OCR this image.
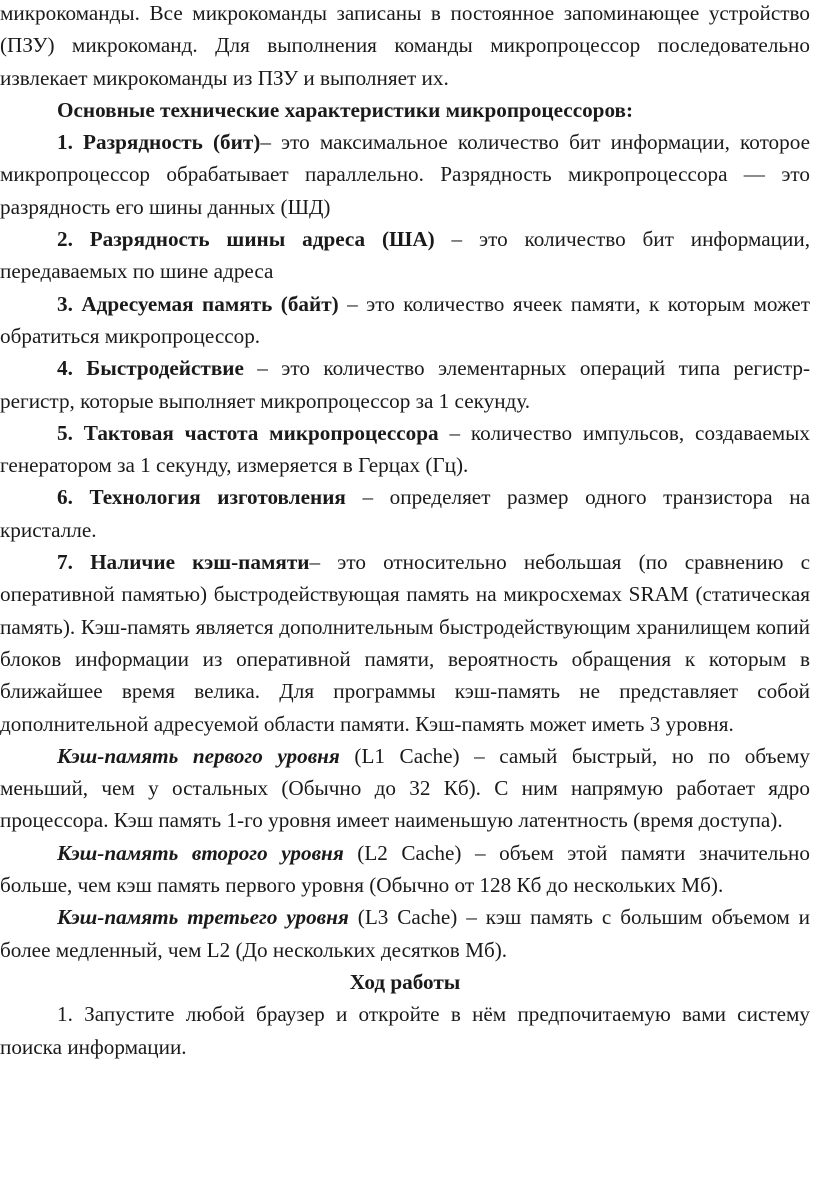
микрокоманды. Все микрокоманды записаны в постоянное запоминающее устройство (ПЗУ) микрокоманд. Для выполнения команды микропроцессор последовательно извлекает микрокоманды из ПЗУ и выполняет их.

Основные технические характеристики микропроцессоров:

1. Разрядность (бит)– это максимальное количество бит информации, которое микропроцессор обрабатывает параллельно. Разрядность микропроцессора — это разрядность его шины данных (ШД)

2. Разрядность шины адреса (ША) – это количество бит информации, передаваемых по шине адреса

3. Адресуемая память (байт) – это количество ячеек памяти, к которым может обратиться микропроцессор.

4. Быстродействие – это количество элементарных операций типа регистр-регистр, которые выполняет микропроцессор за 1 секунду.

5. Тактовая частота микропроцессора – количество импульсов, создаваемых генератором за 1 секунду, измеряется в Герцах (Гц).

6. Технология изготовления – определяет размер одного транзистора на кристалле.

7. Наличие кэш-памяти– это относительно небольшая (по сравнению с оперативной памятью) быстродействующая память на микросхемах SRAM (статическая память). Кэш-память является дополнительным быстродействующим хранилищем копий блоков информации из оперативной памяти, вероятность обращения к которым в ближайшее время велика. Для программы кэш-память не представляет собой дополнительной адресуемой области памяти. Кэш-память может иметь 3 уровня.

Кэш-память первого уровня (L1 Cache) – самый быстрый, но по объему меньший, чем у остальных (Обычно до 32 Кб). С ним напрямую работает ядро процессора. Кэш память 1-го уровня имеет наименьшую латентность (время доступа).

Кэш-память второго уровня (L2 Cache) – объем этой памяти значительно больше, чем кэш память первого уровня (Обычно от 128 Кб до нескольких Мб).

Кэш-память третьего уровня (L3 Cache) – кэш память с большим объемом и более медленный, чем L2 (До нескольких десятков Мб).

Ход работы

1. Запустите любой браузер и откройте в нём предпочитаемую вами систему поиска информации.
